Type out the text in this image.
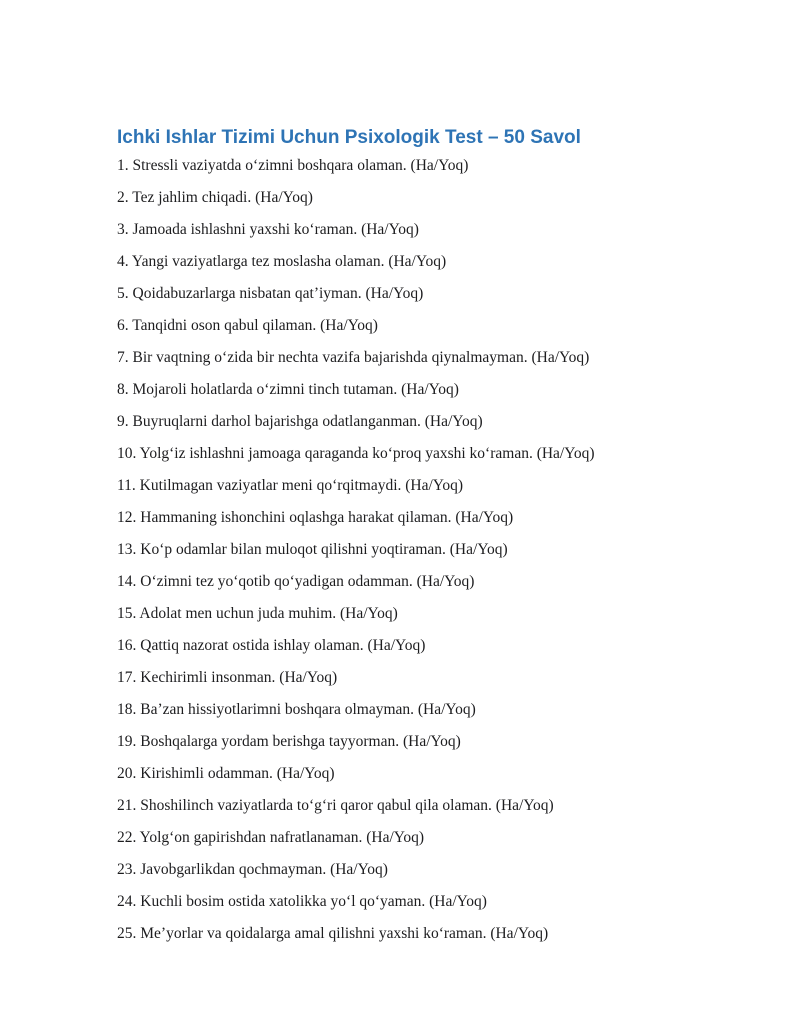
Ichki Ishlar Tizimi Uchun Psixologik Test – 50 Savol

1. Stressli vaziyatda o‘zimni boshqara olaman. (Ha/Yoq)

2. Tez jahlim chiqadi. (Ha/Yoq)

3. Jamoada ishlashni yaxshi ko‘raman. (Ha/Yoq)

4. Yangi vaziyatlarga tez moslasha olaman. (Ha/Yoq)

5. Qoidabuzarlarga nisbatan qat’iyman. (Ha/Yoq)

6. Tanqidni oson qabul qilaman. (Ha/Yoq)

7. Bir vaqtning o‘zida bir nechta vazifa bajarishda qiynalmayman. (Ha/Yoq)

8. Mojaroli holatlarda o‘zimni tinch tutaman. (Ha/Yoq)

9. Buyruqlarni darhol bajarishga odatlanganman. (Ha/Yoq)

10. Yolg‘iz ishlashni jamoaga qaraganda ko‘proq yaxshi ko‘raman. (Ha/Yoq)

11. Kutilmagan vaziyatlar meni qo‘rqitmaydi. (Ha/Yoq)

12. Hammaning ishonchini oqlashga harakat qilaman. (Ha/Yoq)

13. Ko‘p odamlar bilan muloqot qilishni yoqtiraman. (Ha/Yoq)

14. O‘zimni tez yo‘qotib qo‘yadigan odamman. (Ha/Yoq)

15. Adolat men uchun juda muhim. (Ha/Yoq)

16. Qattiq nazorat ostida ishlay olaman. (Ha/Yoq)

17. Kechirimli insonman. (Ha/Yoq)

18. Ba’zan hissiyotlarimni boshqara olmayman. (Ha/Yoq)

19. Boshqalarga yordam berishga tayyorman. (Ha/Yoq)

20. Kirishimli odamman. (Ha/Yoq)

21. Shoshilinch vaziyatlarda to‘g‘ri qaror qabul qila olaman. (Ha/Yoq)

22. Yolg‘on gapirishdan nafratlanaman. (Ha/Yoq)

23. Javobgarlikdan qochmayman. (Ha/Yoq)

24. Kuchli bosim ostida xatolikka yo‘l qo‘yaman. (Ha/Yoq)

25. Me’yorlar va qoidalarga amal qilishni yaxshi ko‘raman. (Ha/Yoq)
